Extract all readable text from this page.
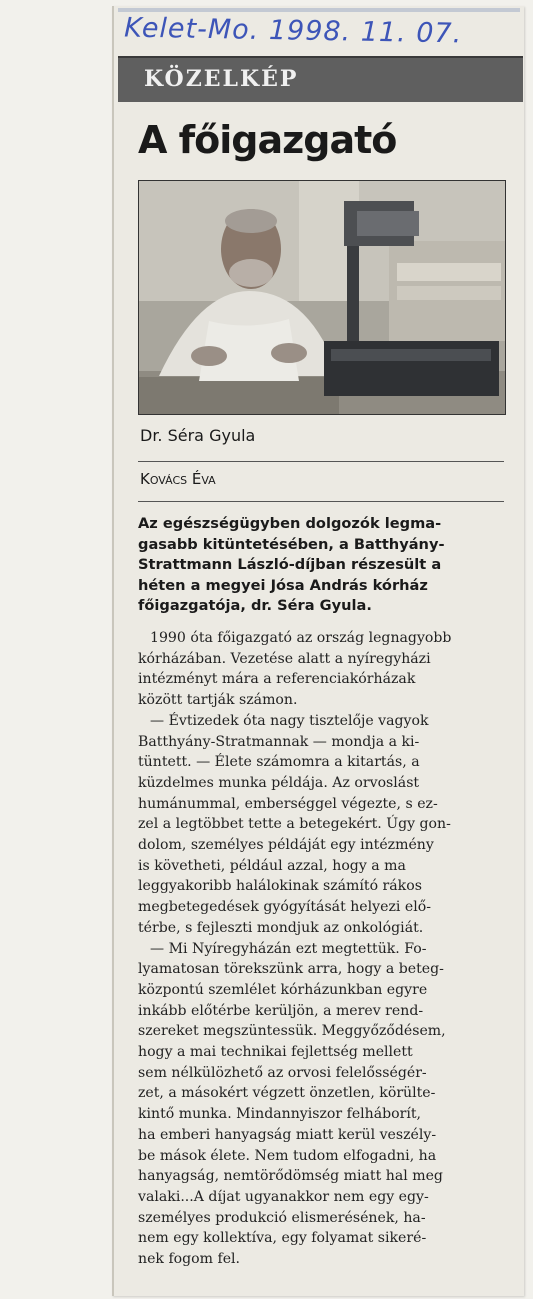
Kelet-Mo. 1998. 11. 07.
KÖZELKÉP
A főigazgató
Dr. Séra Gyula
Kovács Éva
Az egészségügyben dolgozók legma-
gasabb kitüntetésében, a Batthyány-
Strattmann László-díjban részesült a
héten a megyei Jósa András kórház
főigazgatója, dr. Séra Gyula.
1990 óta főigazgató az ország legnagyobb
kórházában. Vezetése alatt a nyíregyházi
intézményt mára a referenciakórházak
között tartják számon.
— Évtizedek óta nagy tisztelője vagyok
Batthyány-Stratmannak — mondja a ki-
tüntett. — Élete számomra a kitartás, a
küzdelmes munka példája. Az orvoslást
humánummal, emberséggel végezte, s ez-
zel a legtöbbet tette a betegekért. Úgy gon-
dolom, személyes példáját egy intézmény
is követheti, például azzal, hogy a ma
leggyakoribb halálokinak számító rákos
megbetegedések gyógyítását helyezi elő-
térbe, s fejleszti mondjuk az onkológiát.
— Mi Nyíregyházán ezt megtettük. Fo-
lyamatosan törekszünk arra, hogy a beteg-
központú szemlélet kórházunkban egyre
inkább előtérbe kerüljön, a merev rend-
szereket megszüntessük. Meggyőződésem,
hogy a mai technikai fejlettség mellett
sem nélkülözhető az orvosi felelősségér-
zet, a másokért végzett önzetlen, körülte-
kintő munka. Mindannyiszor felháborít,
ha emberi hanyagság miatt kerül veszély-
be mások élete. Nem tudom elfogadni, ha
hanyagság, nemtörődömség miatt hal meg
valaki...A díjat ugyanakkor nem egy egy-
személyes produkció elismerésének, ha-
nem egy kollektíva, egy folyamat sikeré-
nek fogom fel.
